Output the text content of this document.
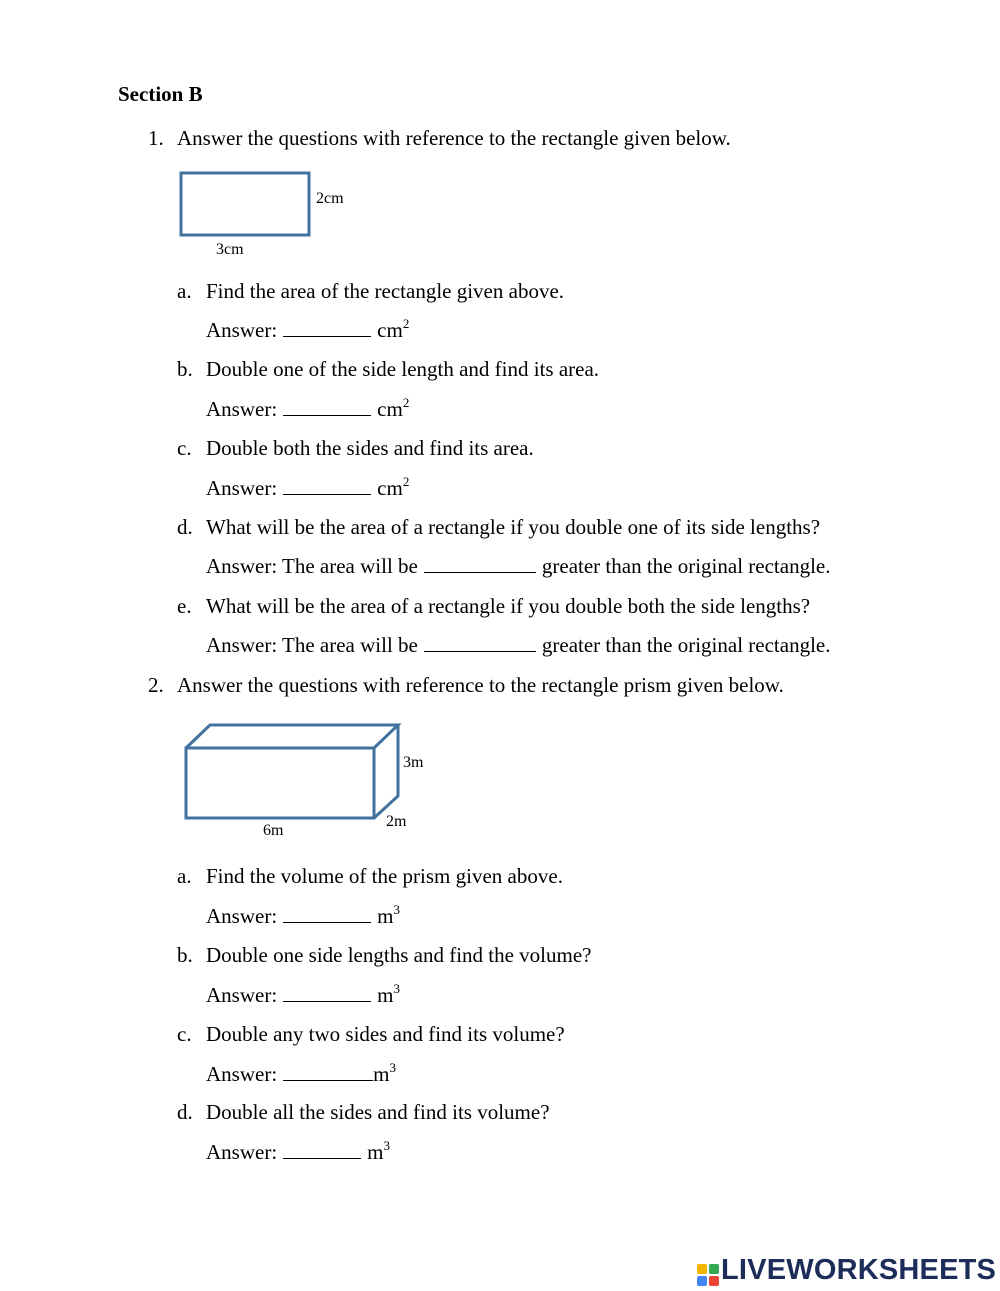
Section B
1. Answer the questions with reference to the rectangle given below.
2cm
3cm
a. Find the area of the rectangle given above.
Answer:	$cm^2$
b. Double one of the side length and find its area.
Answer:	$cm^2$
c. Double both the sides and find its area.
Answer:	$cm^2$
d. What will be the area of a rectangle if you double one of its side lengths?
Answer: The area will be	greater than the original rectangle.
e. What will be the area of a rectangle if you double both the side lengths?
Answer: The area will be	greater than the original rectangle.
2. Answer the questions with reference to the rectangle prism given below.
3m
2m
6m
a. Find the volume of the prism given above.
Answer:	$m^3$
b. Double one side lengths and find the volume?
Answer:	$m^3$
c. Double any two sides and find its volume?
Answer:	$m^3$
d. Double all the sides and find its volume?
Answer:	$m^3$
LIVEWORKSHEETS
